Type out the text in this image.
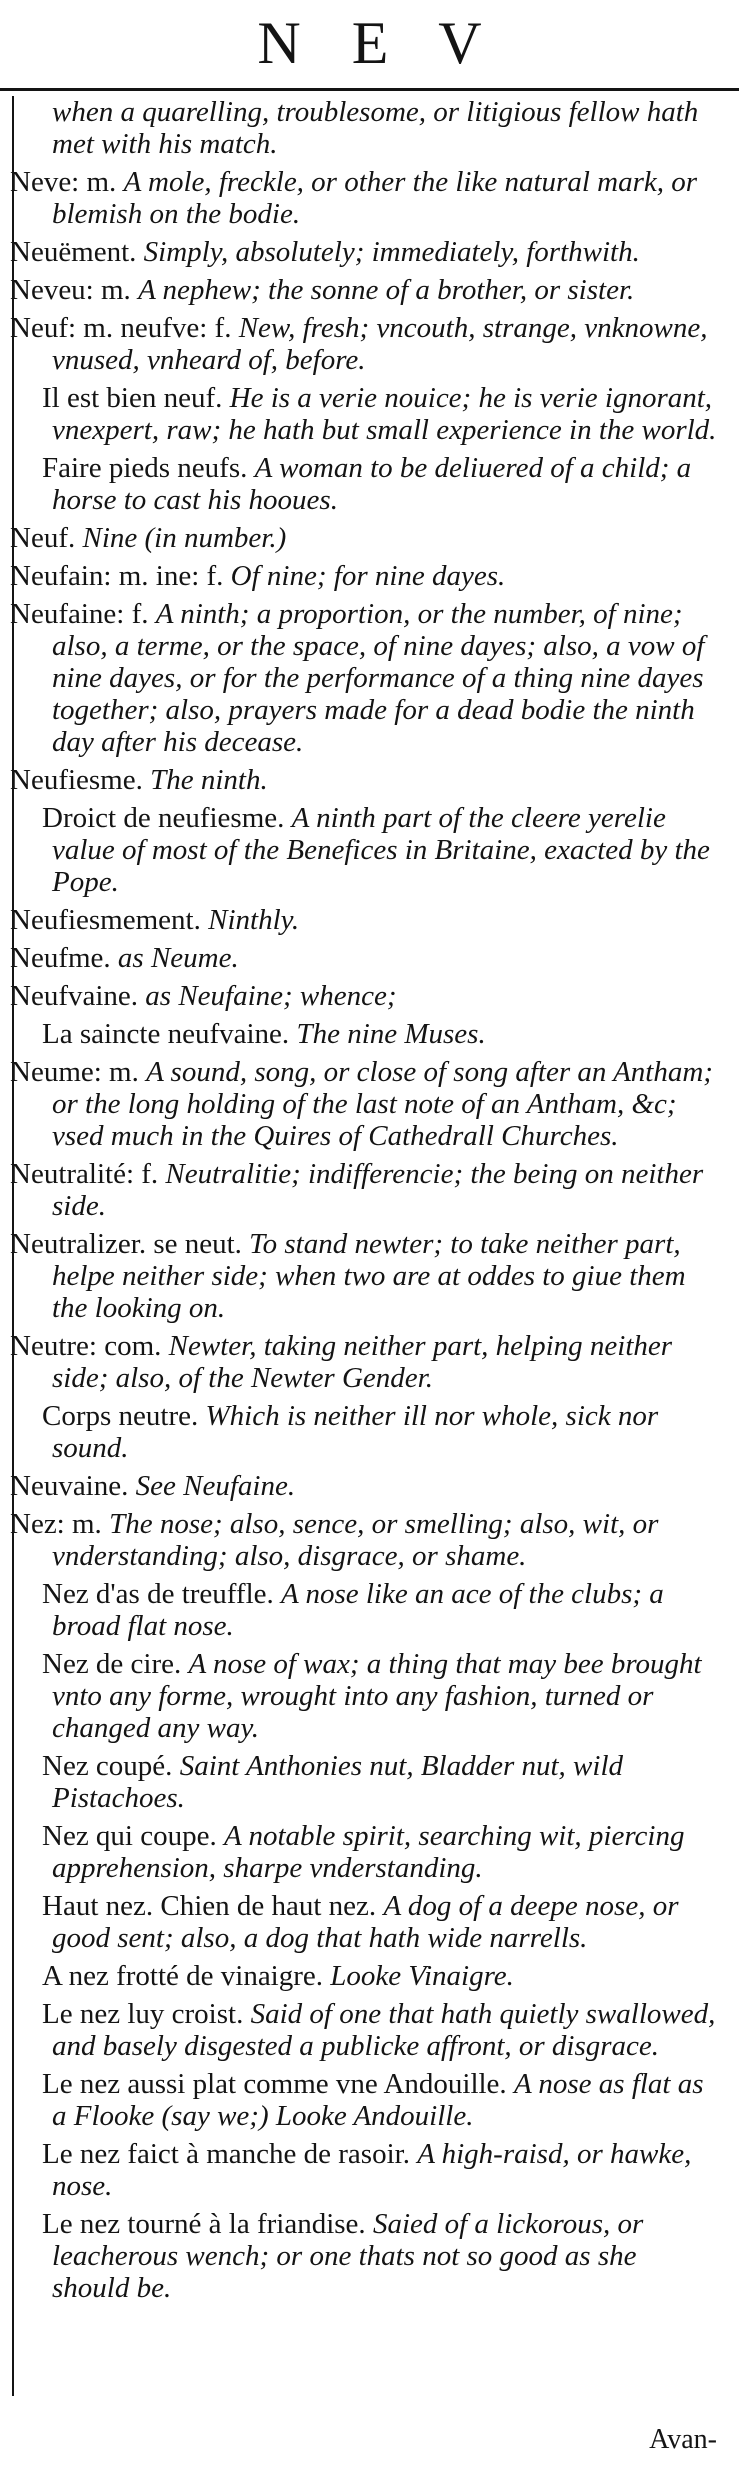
N E V

when a quarelling, troublesome, or litigious fellow hath met with his match.

Neve: m. A mole, freckle, or other the like natural mark, or blemish on the bodie.

Neuëment. Simply, absolutely; immediately, forthwith.

Neveu: m. A nephew; the sonne of a brother, or sister.

Neuf: m. neufve: f. New, fresh; vncouth, strange, vnknowne, vnused, vnheard of, before.

Il est bien neuf. He is a verie nouice; he is verie ignorant, vnexpert, raw; he hath but small experience in the world.

Faire pieds neufs. A woman to be deliuered of a child; a horse to cast his hooues.

Neuf. Nine (in number.)

Neufain: m. ine: f. Of nine; for nine dayes.

Neufaine: f. A ninth; a proportion, or the number, of nine; also, a terme, or the space, of nine dayes; also, a vow of nine dayes, or for the performance of a thing nine dayes together; also, prayers made for a dead bodie the ninth day after his decease.

Neufiesme. The ninth.

Droict de neufiesme. A ninth part of the cleere yerelie value of most of the Benefices in Britaine, exacted by the Pope.

Neufiesmement. Ninthly.

Neufme. as Neume.

Neufvaine. as Neufaine; whence;

La saincte neufvaine. The nine Muses.

Neume: m. A sound, song, or close of song after an Antham; or the long holding of the last note of an Antham, &c; vsed much in the Quires of Cathedrall Churches.

Neutralité: f. Neutralitie; indifferencie; the being on neither side.

Neutralizer. se neut. To stand newter; to take neither part, helpe neither side; when two are at oddes to giue them the looking on.

Neutre: com. Newter, taking neither part, helping neither side; also, of the Newter Gender.

Corps neutre. Which is neither ill nor whole, sick nor sound.

Neuvaine. See Neufaine.

Nez: m. The nose; also, sence, or smelling; also, wit, or vnderstanding; also, disgrace, or shame.

Nez d'as de treuffle. A nose like an ace of the clubs; a broad flat nose.

Nez de cire. A nose of wax; a thing that may bee brought vnto any forme, wrought into any fashion, turned or changed any way.

Nez coupé. Saint Anthonies nut, Bladder nut, wild Pistachoes.

Nez qui coupe. A notable spirit, searching wit, piercing apprehension, sharpe vnderstanding.

Haut nez. Chien de haut nez. A dog of a deepe nose, or good sent; also, a dog that hath wide narrells.

A nez frotté de vinaigre. Looke Vinaigre.

Le nez luy croist. Said of one that hath quietly swallowed, and basely disgested a publicke affront, or disgrace.

Le nez aussi plat comme vne Andouille. A nose as flat as a Flooke (say we;) Looke Andouille.

Le nez faict à manche de rasoir. A high-raisd, or hawke, nose.

Le nez tourné à la friandise. Saied of a lickorous, or leacherous wench; or one thats not so good as she should be.

Avan-
